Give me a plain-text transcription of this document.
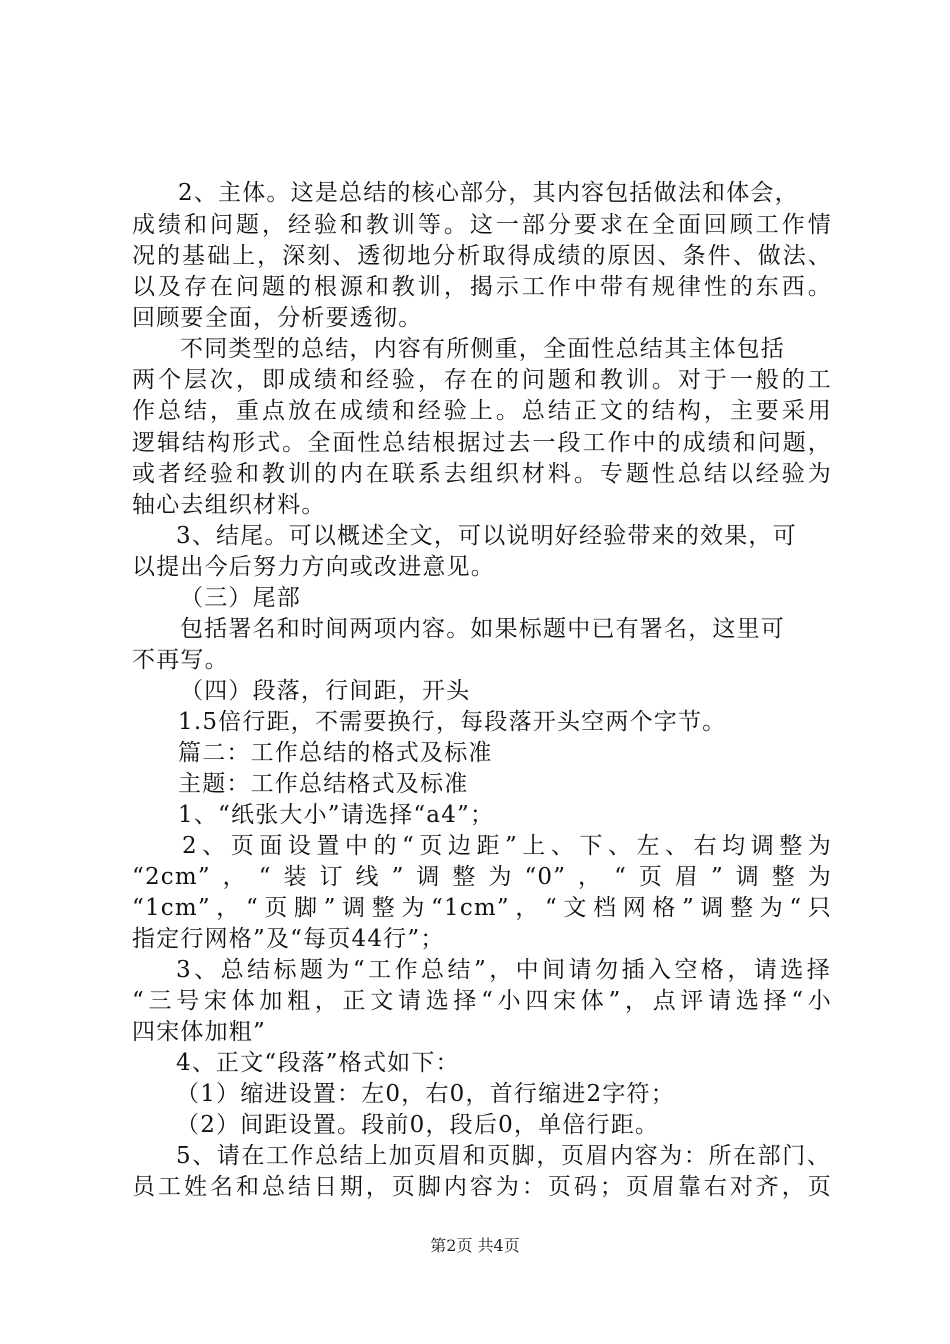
2、主体。这是总结的核心部分，其内容包括做法和体会，
成绩和问题，经验和教训等。这一部分要求在全面回顾工作情
况的基础上，深刻、透彻地分析取得成绩的原因、条件、做法、
以及存在问题的根源和教训，揭示工作中带有规律性的东西。
回顾要全面，分析要透彻。
不同类型的总结，内容有所侧重，全面性总结其主体包括
两个层次，即成绩和经验，存在的问题和教训。对于一般的工
作总结，重点放在成绩和经验上。总结正文的结构，主要采用
逻辑结构形式。全面性总结根据过去一段工作中的成绩和问题，
或者经验和教训的内在联系去组织材料。专题性总结以经验为
轴心去组织材料。
3、结尾。可以概述全文，可以说明好经验带来的效果，可
以提出今后努力方向或改进意见。
（三）尾部
包括署名和时间两项内容。如果标题中已有署名，这里可
不再写。
（四）段落，行间距，开头
1.5倍行距，不需要换行，每段落开头空两个字节。
篇二：工作总结的格式及标准
主题：工作总结格式及标准
1、“纸张大小”请选择“a4”；
2、页面设置中的“页边距”上、下、左、右均调整为
“2cm”，“装订线”调整为“0”，“页眉”调整为
“1cm”，“页脚”调整为“1cm”，“文档网格”调整为“只
指定行网格”及“每页44行”；
3、总结标题为“工作总结”，中间请勿插入空格，请选择
“三号宋体加粗，正文请选择“小四宋体”，点评请选择“小
四宋体加粗”
4、正文“段落”格式如下：
（1）缩进设置：左0，右0，首行缩进2字符；
（2）间距设置。段前0，段后0，单倍行距。
5、请在工作总结上加页眉和页脚，页眉内容为：所在部门、
员工姓名和总结日期，页脚内容为：页码；页眉靠右对齐，页
第2页 共4页
